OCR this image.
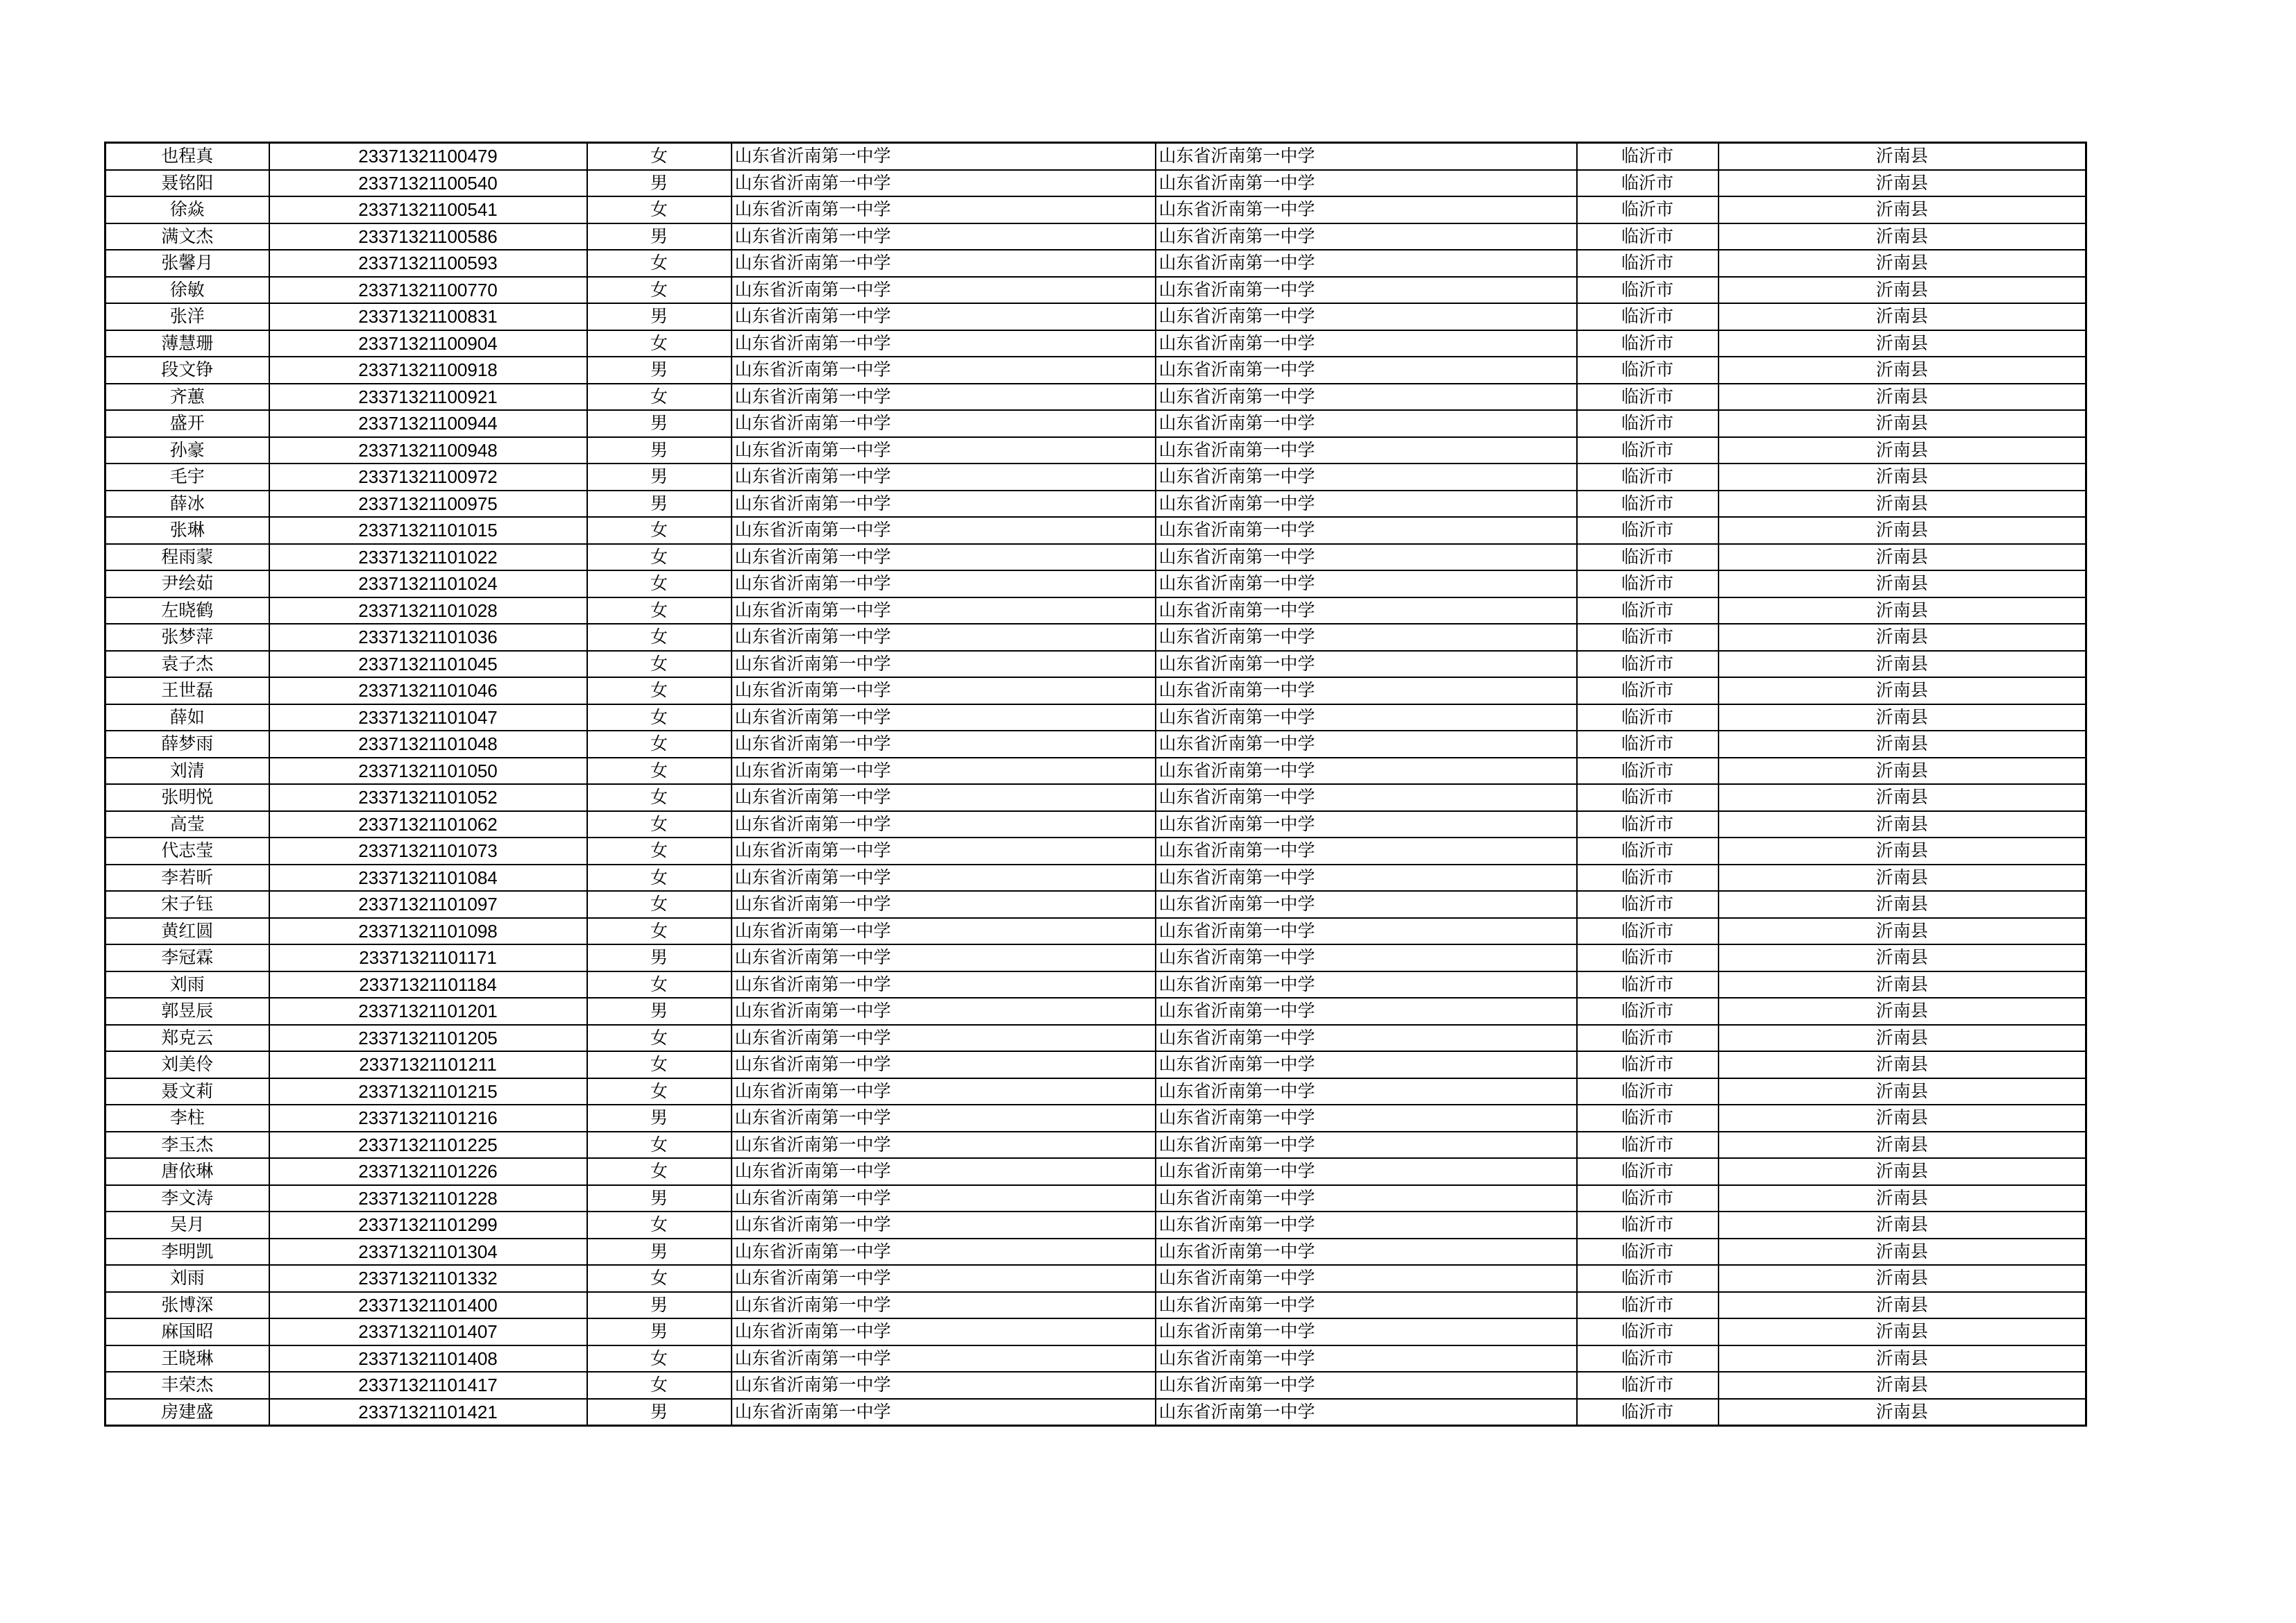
也程真	23371321100479	女	山东省沂南第一中学	山东省沂南第一中学	临沂市	沂南县
聂铭阳	23371321100540	男	山东省沂南第一中学	山东省沂南第一中学	临沂市	沂南县
徐焱	23371321100541	女	山东省沂南第一中学	山东省沂南第一中学	临沂市	沂南县
满文杰	23371321100586	男	山东省沂南第一中学	山东省沂南第一中学	临沂市	沂南县
张馨月	23371321100593	女	山东省沂南第一中学	山东省沂南第一中学	临沂市	沂南县
徐敏	23371321100770	女	山东省沂南第一中学	山东省沂南第一中学	临沂市	沂南县
张洋	23371321100831	男	山东省沂南第一中学	山东省沂南第一中学	临沂市	沂南县
薄慧珊	23371321100904	女	山东省沂南第一中学	山东省沂南第一中学	临沂市	沂南县
段文铮	23371321100918	男	山东省沂南第一中学	山东省沂南第一中学	临沂市	沂南县
齐蕙	23371321100921	女	山东省沂南第一中学	山东省沂南第一中学	临沂市	沂南县
盛开	23371321100944	男	山东省沂南第一中学	山东省沂南第一中学	临沂市	沂南县
孙豪	23371321100948	男	山东省沂南第一中学	山东省沂南第一中学	临沂市	沂南县
毛宇	23371321100972	男	山东省沂南第一中学	山东省沂南第一中学	临沂市	沂南县
薛冰	23371321100975	男	山东省沂南第一中学	山东省沂南第一中学	临沂市	沂南县
张琳	23371321101015	女	山东省沂南第一中学	山东省沂南第一中学	临沂市	沂南县
程雨蒙	23371321101022	女	山东省沂南第一中学	山东省沂南第一中学	临沂市	沂南县
尹绘茹	23371321101024	女	山东省沂南第一中学	山东省沂南第一中学	临沂市	沂南县
左晓鹤	23371321101028	女	山东省沂南第一中学	山东省沂南第一中学	临沂市	沂南县
张梦萍	23371321101036	女	山东省沂南第一中学	山东省沂南第一中学	临沂市	沂南县
袁子杰	23371321101045	女	山东省沂南第一中学	山东省沂南第一中学	临沂市	沂南县
王世磊	23371321101046	女	山东省沂南第一中学	山东省沂南第一中学	临沂市	沂南县
薛如	23371321101047	女	山东省沂南第一中学	山东省沂南第一中学	临沂市	沂南县
薛梦雨	23371321101048	女	山东省沂南第一中学	山东省沂南第一中学	临沂市	沂南县
刘清	23371321101050	女	山东省沂南第一中学	山东省沂南第一中学	临沂市	沂南县
张明悦	23371321101052	女	山东省沂南第一中学	山东省沂南第一中学	临沂市	沂南县
高莹	23371321101062	女	山东省沂南第一中学	山东省沂南第一中学	临沂市	沂南县
代志莹	23371321101073	女	山东省沂南第一中学	山东省沂南第一中学	临沂市	沂南县
李若昕	23371321101084	女	山东省沂南第一中学	山东省沂南第一中学	临沂市	沂南县
宋子钰	23371321101097	女	山东省沂南第一中学	山东省沂南第一中学	临沂市	沂南县
黄红圆	23371321101098	女	山东省沂南第一中学	山东省沂南第一中学	临沂市	沂南县
李冠霖	23371321101171	男	山东省沂南第一中学	山东省沂南第一中学	临沂市	沂南县
刘雨	23371321101184	女	山东省沂南第一中学	山东省沂南第一中学	临沂市	沂南县
郭昱辰	23371321101201	男	山东省沂南第一中学	山东省沂南第一中学	临沂市	沂南县
郑克云	23371321101205	女	山东省沂南第一中学	山东省沂南第一中学	临沂市	沂南县
刘美伶	23371321101211	女	山东省沂南第一中学	山东省沂南第一中学	临沂市	沂南县
聂文莉	23371321101215	女	山东省沂南第一中学	山东省沂南第一中学	临沂市	沂南县
李柱	23371321101216	男	山东省沂南第一中学	山东省沂南第一中学	临沂市	沂南县
李玉杰	23371321101225	女	山东省沂南第一中学	山东省沂南第一中学	临沂市	沂南县
唐依琳	23371321101226	女	山东省沂南第一中学	山东省沂南第一中学	临沂市	沂南县
李文涛	23371321101228	男	山东省沂南第一中学	山东省沂南第一中学	临沂市	沂南县
吴月	23371321101299	女	山东省沂南第一中学	山东省沂南第一中学	临沂市	沂南县
李明凯	23371321101304	男	山东省沂南第一中学	山东省沂南第一中学	临沂市	沂南县
刘雨	23371321101332	女	山东省沂南第一中学	山东省沂南第一中学	临沂市	沂南县
张博深	23371321101400	男	山东省沂南第一中学	山东省沂南第一中学	临沂市	沂南县
麻国昭	23371321101407	男	山东省沂南第一中学	山东省沂南第一中学	临沂市	沂南县
王晓琳	23371321101408	女	山东省沂南第一中学	山东省沂南第一中学	临沂市	沂南县
丰荣杰	23371321101417	女	山东省沂南第一中学	山东省沂南第一中学	临沂市	沂南县
房建盛	23371321101421	男	山东省沂南第一中学	山东省沂南第一中学	临沂市	沂南县
